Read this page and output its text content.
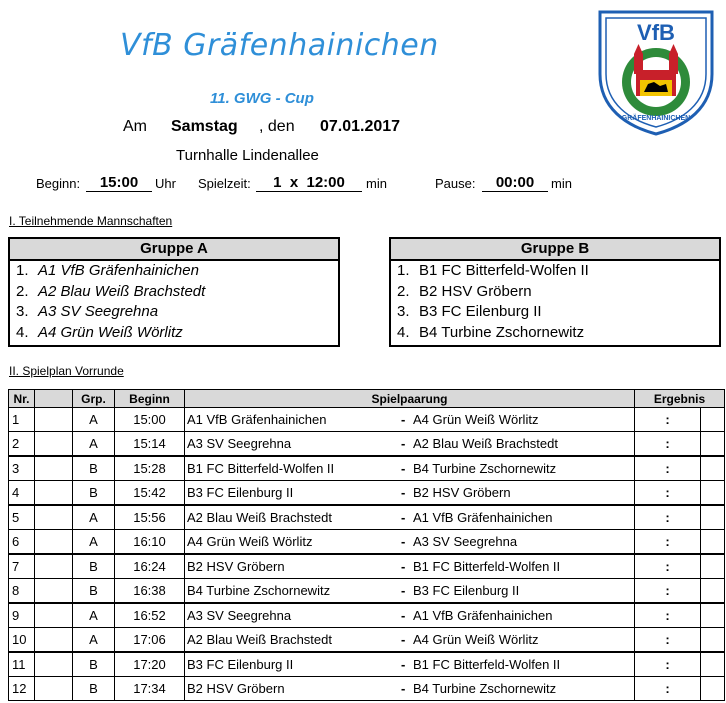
VfB Gräfenhainichen
11. GWG - Cup
Am Samstag , den 07.01.2017
Turnhalle Lindenallee
Beginn:	15:00	Uhr Spielzeit:	1  x  12:00	min	Pause:	00:00	min
VfB
GRÄFENHAINICHEN
I. Teilnehmende Mannschaften
Gruppe A
1. A1 VfB Gräfenhainichen
2. A2 Blau Weiß Brachstedt
3. A3 SV Seegrehna
4. A4 Grün Weiß Wörlitz
Gruppe B
1. B1 FC Bitterfeld-Wolfen II
2. B2 HSV Gröbern
3. B3 FC Eilenburg II
4. B4 Turbine Zschornewitz
II. Spielplan Vorrunde
Nr.		Grp.	Beginn	Spielpaarung	Ergebnis	
1		A	15:00	A1 VfB Gräfenhainichen - A4 Grün Weiß Wörlitz	:	
2		A	15:14	A3 SV Seegrehna - A2 Blau Weiß Brachstedt	:	
3		B	15:28	B1 FC Bitterfeld-Wolfen II - B4 Turbine Zschornewitz	:	
4		B	15:42	B3 FC Eilenburg II - B2 HSV Gröbern	:	
5		A	15:56	A2 Blau Weiß Brachstedt - A1 VfB Gräfenhainichen	:	
6		A	16:10	A4 Grün Weiß Wörlitz - A3 SV Seegrehna	:	
7		B	16:24	B2 HSV Gröbern - B1 FC Bitterfeld-Wolfen II	:	
8		B	16:38	B4 Turbine Zschornewitz - B3 FC Eilenburg II	:	
9		A	16:52	A3 SV Seegrehna - A1 VfB Gräfenhainichen	:	
10		A	17:06	A2 Blau Weiß Brachstedt - A4 Grün Weiß Wörlitz	:	
11		B	17:20	B3 FC Eilenburg II - B1 FC Bitterfeld-Wolfen II	:	
12		B	17:34	B2 HSV Gröbern - B4 Turbine Zschornewitz	:	
